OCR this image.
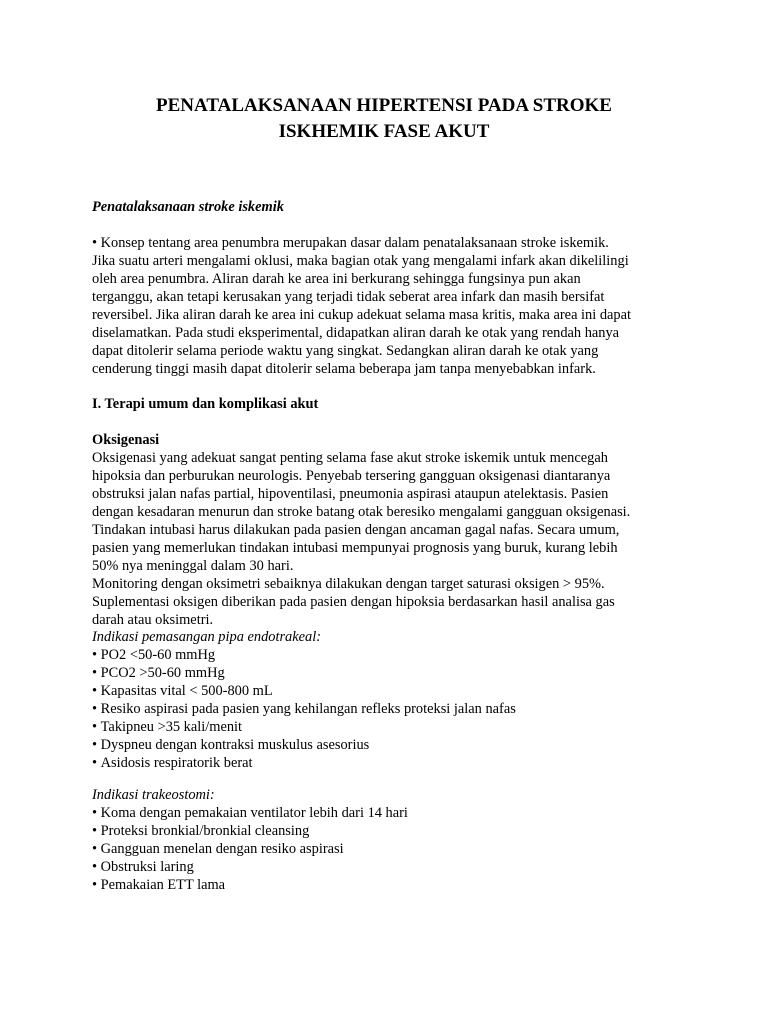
PENATALAKSANAAN HIPERTENSI PADA STROKE
ISKHEMIK FASE AKUT

Penatalaksanaan stroke iskemik

• Konsep tentang area penumbra merupakan dasar dalam penatalaksanaan stroke iskemik.
Jika suatu arteri mengalami oklusi, maka bagian otak yang mengalami infark akan dikelilingi
oleh area penumbra. Aliran darah ke area ini berkurang sehingga fungsinya pun akan
terganggu, akan tetapi kerusakan yang terjadi tidak seberat area infark dan masih bersifat
reversibel. Jika aliran darah ke area ini cukup adekuat selama masa kritis, maka area ini dapat
diselamatkan. Pada studi eksperimental, didapatkan aliran darah ke otak yang rendah hanya
dapat ditolerir selama periode waktu yang singkat. Sedangkan aliran darah ke otak yang
cenderung tinggi masih dapat ditolerir selama beberapa jam tanpa menyebabkan infark.

I. Terapi umum dan komplikasi akut

Oksigenasi

Oksigenasi yang adekuat sangat penting selama fase akut stroke iskemik untuk mencegah
hipoksia dan perburukan neurologis. Penyebab tersering gangguan oksigenasi diantaranya
obstruksi jalan nafas partial, hipoventilasi, pneumonia aspirasi ataupun atelektasis. Pasien
dengan kesadaran menurun dan stroke batang otak beresiko mengalami gangguan oksigenasi.
Tindakan intubasi harus dilakukan pada pasien dengan ancaman gagal nafas. Secara umum,
pasien yang memerlukan tindakan intubasi mempunyai prognosis yang buruk, kurang lebih
50% nya meninggal dalam 30 hari.
Monitoring dengan oksimetri sebaiknya dilakukan dengan target saturasi oksigen > 95%.
Suplementasi oksigen diberikan pada pasien dengan hipoksia berdasarkan hasil analisa gas
darah atau oksimetri.

Indikasi pemasangan pipa endotrakeal:

• PO2 <50-60 mmHg
• PCO2 >50-60 mmHg
• Kapasitas vital < 500-800 mL
• Resiko aspirasi pada pasien yang kehilangan refleks proteksi jalan nafas
• Takipneu >35 kali/menit
• Dyspneu dengan kontraksi muskulus asesorius
• Asidosis respiratorik berat

Indikasi trakeostomi:

• Koma dengan pemakaian ventilator lebih dari 14 hari
• Proteksi bronkial/bronkial cleansing
• Gangguan menelan dengan resiko aspirasi
• Obstruksi laring
• Pemakaian ETT lama
